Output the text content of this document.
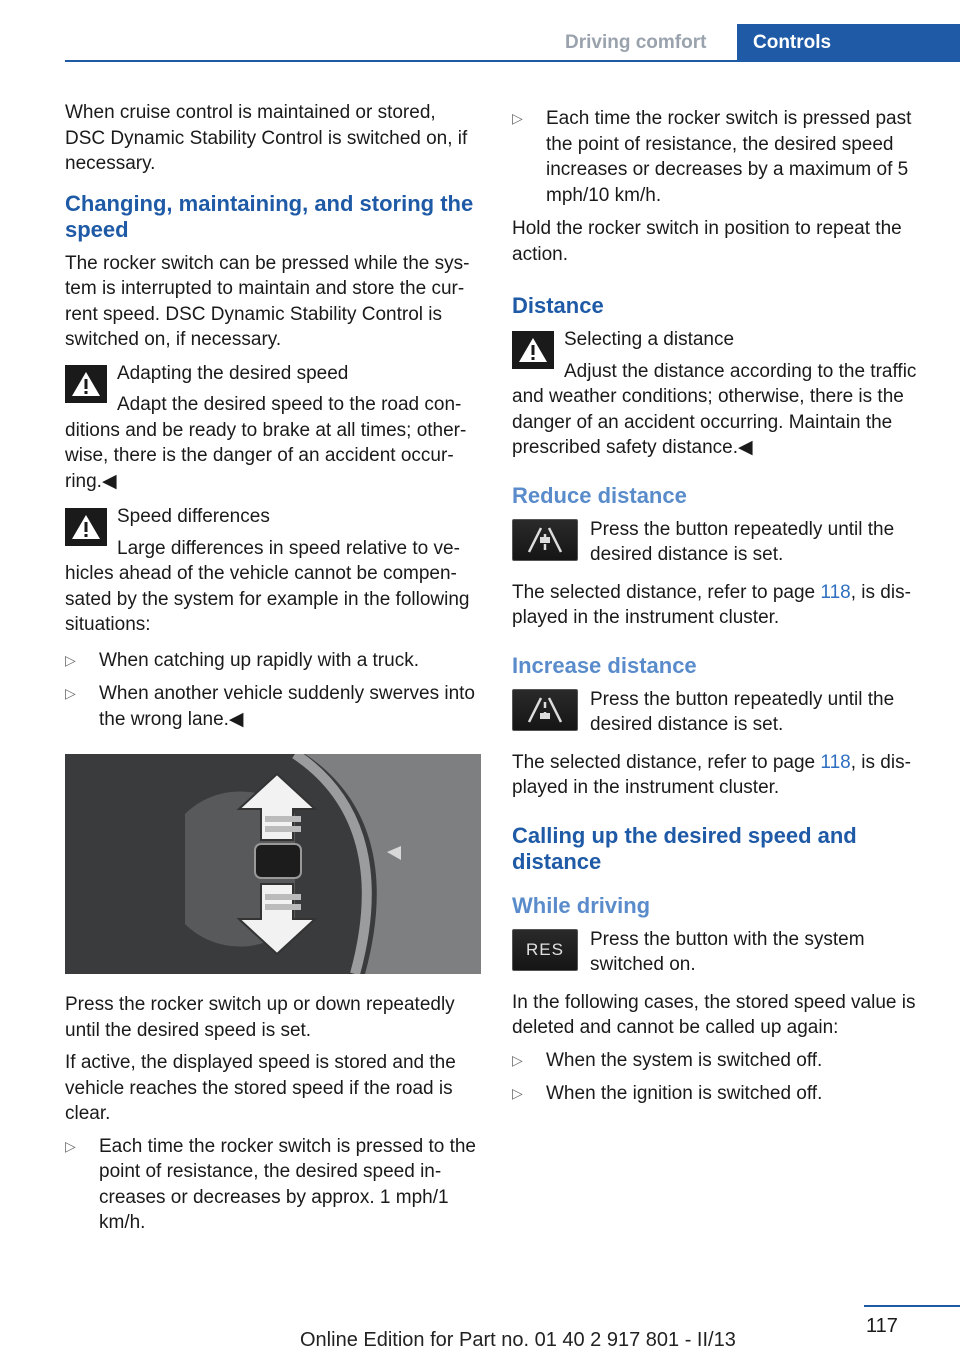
Driving comfort	Controls

When cruise control is maintained or stored, DSC Dynamic Stability Control is switched on, if necessary.

Changing, maintaining, and storing the speed

The rocker switch can be pressed while the system is interrupted to maintain and store the current speed. DSC Dynamic Stability Control is switched on, if necessary.

Adapting the desired speed
Adapt the desired speed to the road conditions and be ready to brake at all times; otherwise, there is the danger of an accident occurring.◀
Speed differences
Large differences in speed relative to vehicles ahead of the vehicle cannot be compensated by the system for example in the following situations:
▷ When catching up rapidly with a truck.
▷ When another vehicle suddenly swerves into the wrong lane.◀

Press the rocker switch up or down repeatedly until the desired speed is set.

If active, the displayed speed is stored and the vehicle reaches the stored speed if the road is clear.

▷ Each time the rocker switch is pressed to the point of resistance, the desired speed increases or decreases by approx. 1 mph/1 km/h.
▷ Each time the rocker switch is pressed past the point of resistance, the desired speed increases or decreases by a maximum of 5 mph/10 km/h.

Hold the rocker switch in position to repeat the action.

Distance
Selecting a distance
Adjust the distance according to the traffic and weather conditions; otherwise, there is the danger of an accident occurring. Maintain the prescribed safety distance.◀
Reduce distance
Press the button repeatedly until the desired distance is set.

The selected distance, refer to page 118, is displayed in the instrument cluster.

Increase distance
Press the button repeatedly until the desired distance is set.

The selected distance, refer to page 118, is displayed in the instrument cluster.

Calling up the desired speed and distance
While driving
RES Press the button with the system switched on.

In the following cases, the stored speed value is deleted and cannot be called up again:

▷ When the system is switched off.
▷ When the ignition is switched off.
117
Online Edition for Part no. 01 40 2 917 801 - II/13
